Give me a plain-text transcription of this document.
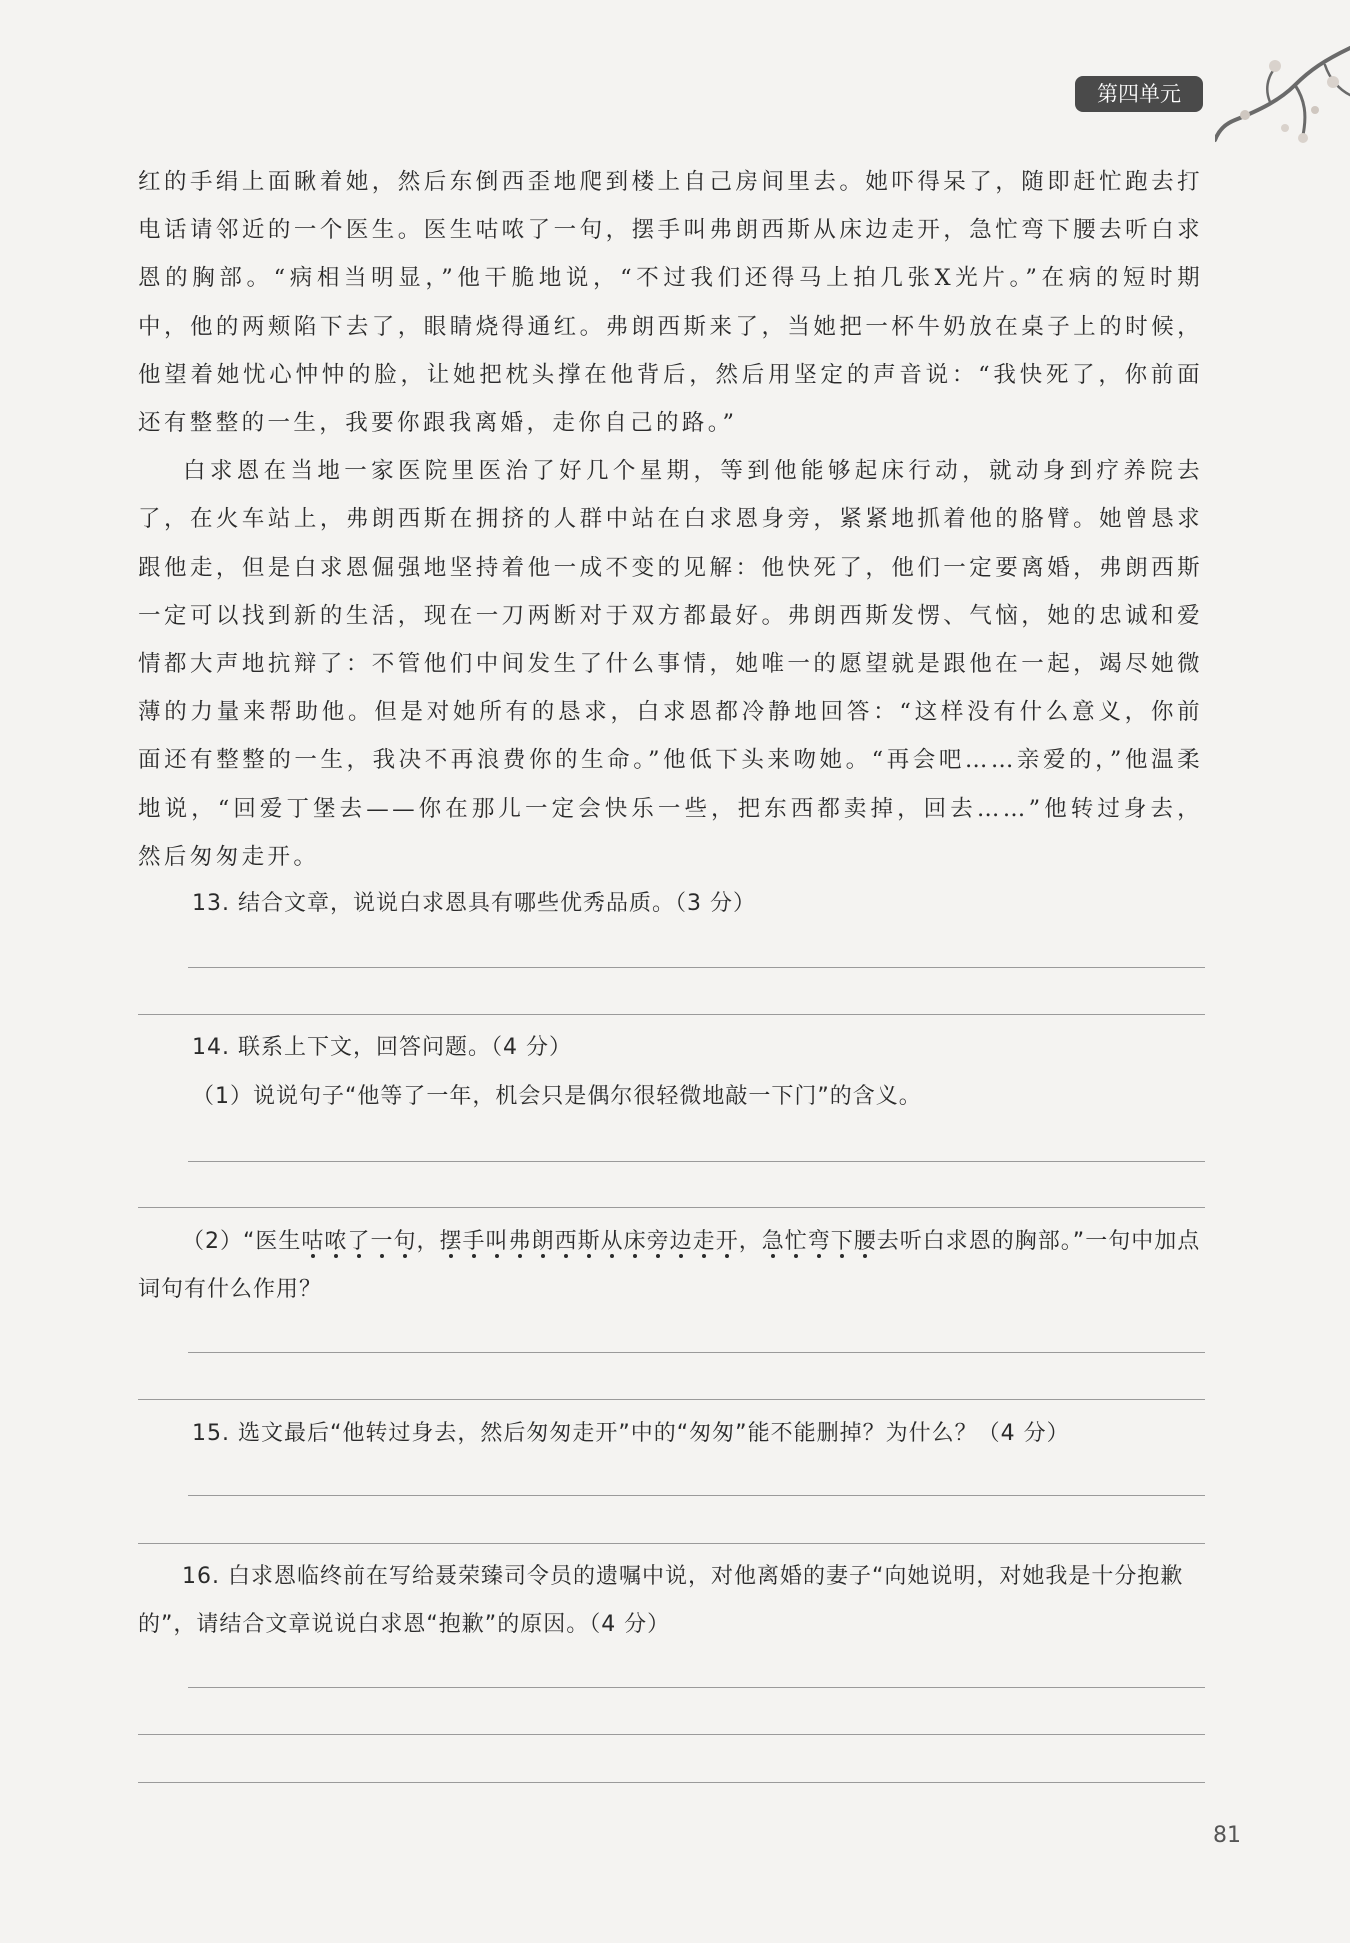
第四单元

红的手绢上面瞅着她，然后东倒西歪地爬到楼上自己房间里去。她吓得呆了，随即赶忙跑去打电话请邻近的一个医生。医生咕哝了一句，摆手叫弗朗西斯从床边走开，急忙弯下腰去听白求恩的胸部。“病相当明显，”他干脆地说，“不过我们还得马上拍几张X光片。”在病的短时期中，他的两颊陷下去了，眼睛烧得通红。弗朗西斯来了，当她把一杯牛奶放在桌子上的时候，他望着她忧心忡忡的脸，让她把枕头撑在他背后，然后用坚定的声音说：“我快死了，你前面还有整整的一生，我要你跟我离婚，走你自己的路。”

白求恩在当地一家医院里医治了好几个星期，等到他能够起床行动，就动身到疗养院去了，在火车站上，弗朗西斯在拥挤的人群中站在白求恩身旁，紧紧地抓着他的胳臂。她曾恳求跟他走，但是白求恩倔强地坚持着他一成不变的见解：他快死了，他们一定要离婚，弗朗西斯一定可以找到新的生活，现在一刀两断对于双方都最好。弗朗西斯发愣、气恼，她的忠诚和爱情都大声地抗辩了：不管他们中间发生了什么事情，她唯一的愿望就是跟他在一起，竭尽她微薄的力量来帮助他。但是对她所有的恳求，白求恩都冷静地回答：“这样没有什么意义，你前面还有整整的一生，我决不再浪费你的生命。”他低下头来吻她。“再会吧……亲爱的，”他温柔地说，“回爱丁堡去——你在那儿一定会快乐一些，把东西都卖掉，回去……”他转过身去，然后匆匆走开。

13. 结合文章，说说白求恩具有哪些优秀品质。（3 分）
14. 联系上下文，回答问题。（4 分）
（1）说说句子“他等了一年，机会只是偶尔很轻微地敲一下门”的含义。

（2）“医生咕哝了一句，摆手叫弗朗西斯从床旁边走开，急忙弯下腰去听白求恩的胸部。”一句中加点词句有什么作用？

15. 选文最后“他转过身去，然后匆匆走开”中的“匆匆”能不能删掉？为什么？（4 分）

16. 白求恩临终前在写给聂荣臻司令员的遗嘱中说，对他离婚的妻子“向她说明，对她我是十分抱歉的”，请结合文章说说白求恩“抱歉”的原因。（4 分）

81
